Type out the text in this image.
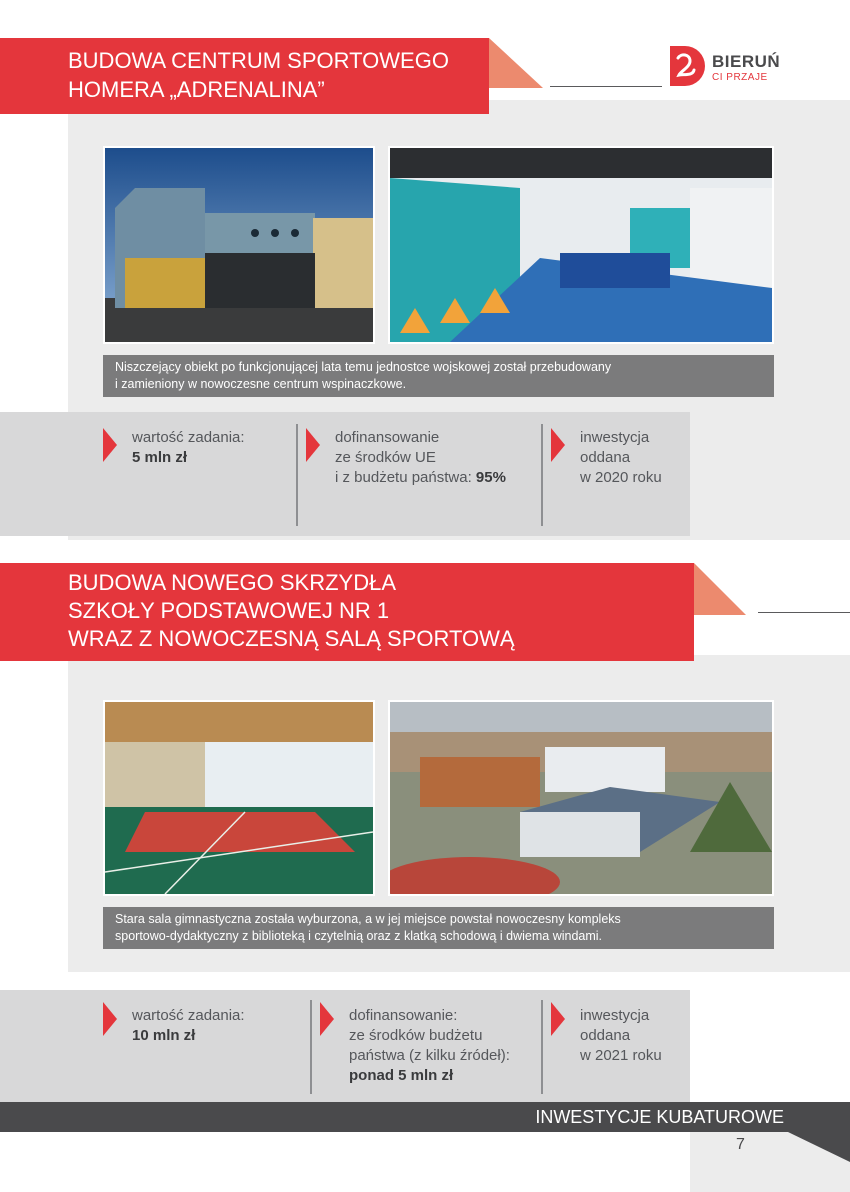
BUDOWA CENTRUM SPORTOWEGO
HOMERA „ADRENALINA”
BIERUŃ
CI PRZAJE
Niszczejący obiekt po funkcjonującej lata temu jednostce wojskowej został przebudowany
i zamieniony w nowoczesne centrum wspinaczkowe.
wartość zadania:
5 mln zł
dofinansowanie
ze środków UE
i z budżetu państwa: 95%
inwestycja
oddana
w 2020 roku
BUDOWA NOWEGO SKRZYDŁA
SZKOŁY PODSTAWOWEJ NR 1
WRAZ Z NOWOCZESNĄ SALĄ SPORTOWĄ
Stara sala gimnastyczna została wyburzona, a w jej miejsce powstał nowoczesny kompleks
sportowo-dydaktyczny z biblioteką i czytelnią oraz z klatką schodową i dwiema windami.
wartość zadania:
10 mln zł
dofinansowanie:
ze środków budżetu
państwa (z kilku źródeł):
ponad 5 mln zł
inwestycja
oddana
w 2021 roku
INWESTYCJE KUBATUROWE
7
